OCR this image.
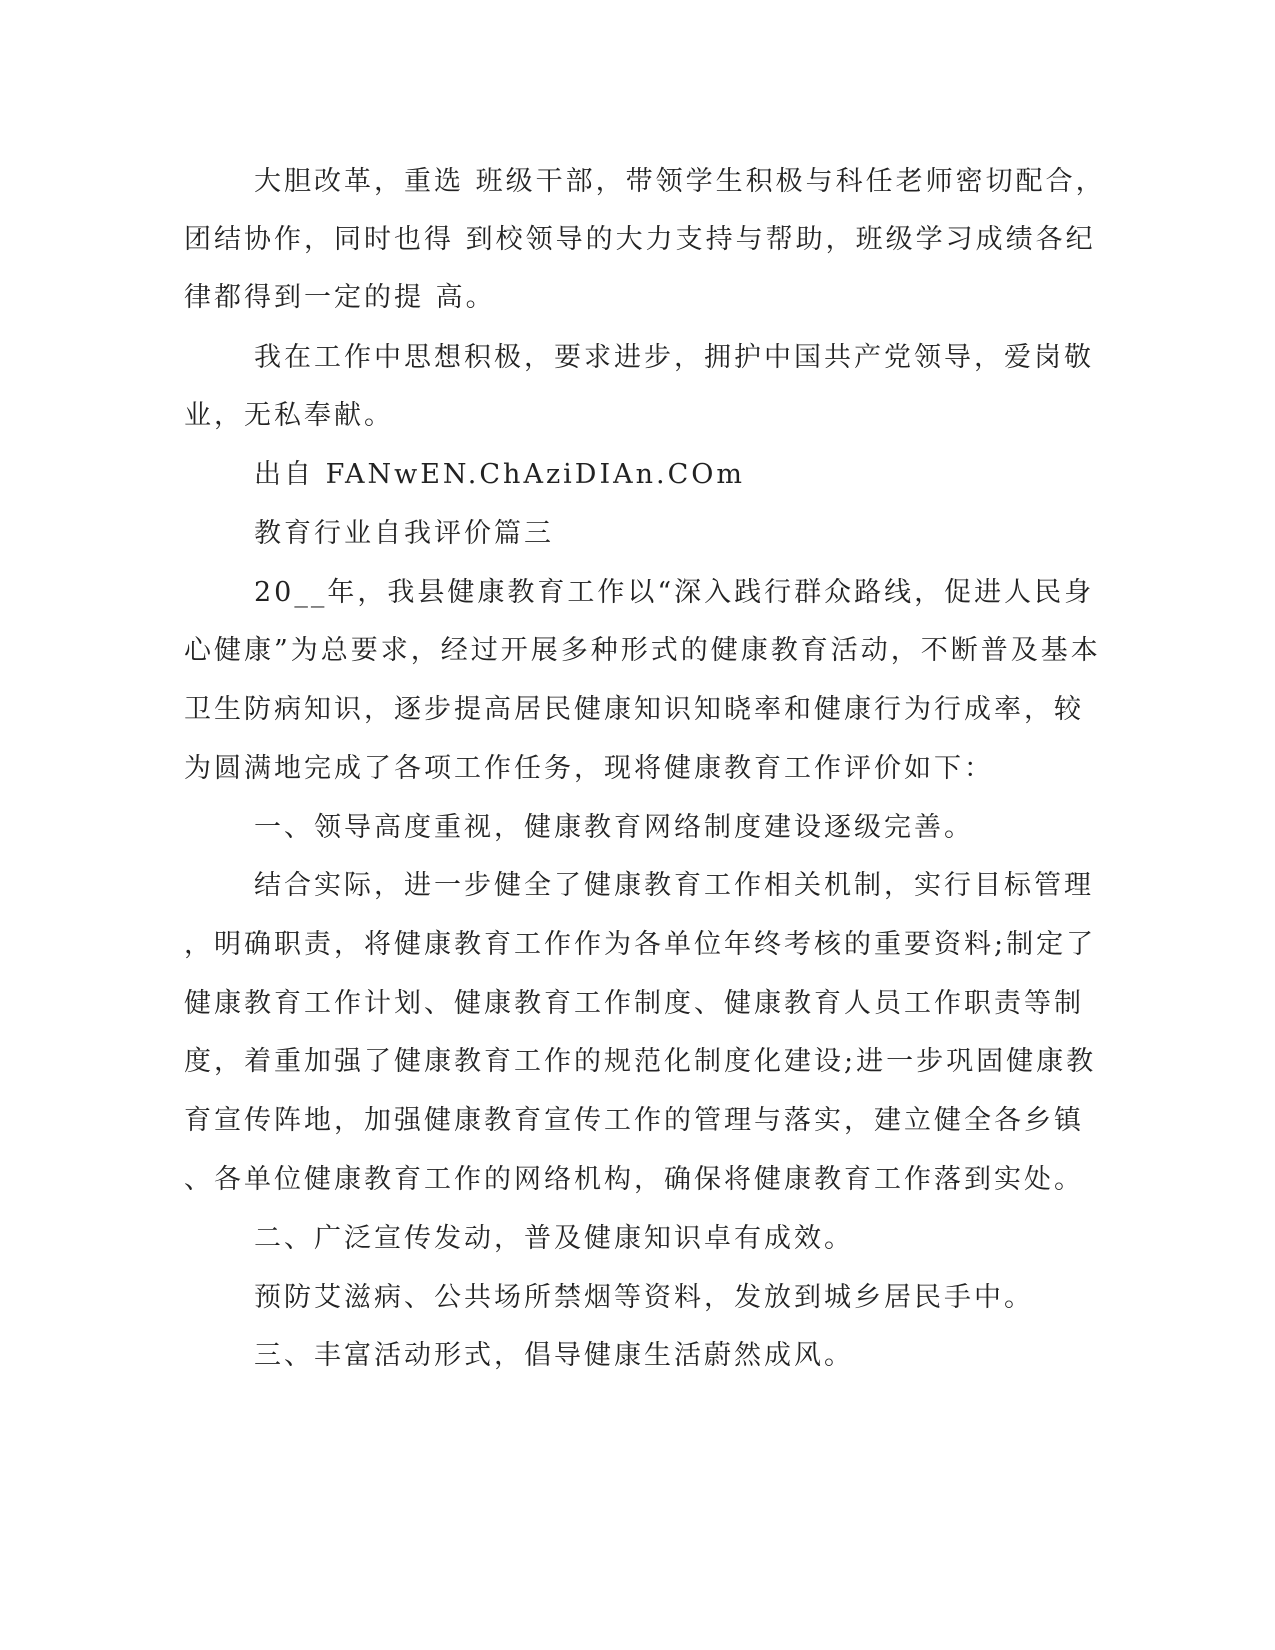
大胆改革，重选 班级干部，带领学生积极与科任老师密切配合，

团结协作，同时也得 到校领导的大力支持与帮助，班级学习成绩各纪

律都得到一定的提 高。

我在工作中思想积极，要求进步，拥护中国共产党领导，爱岗敬

业，无私奉献。

出自 FANwEN.ChAziDIAn.COm

教育行业自我评价篇三

20__年，我县健康教育工作以“深入践行群众路线，促进人民身

心健康”为总要求，经过开展多种形式的健康教育活动，不断普及基本

卫生防病知识，逐步提高居民健康知识知晓率和健康行为行成率，较

为圆满地完成了各项工作任务，现将健康教育工作评价如下：

一、领导高度重视，健康教育网络制度建设逐级完善。

结合实际，进一步健全了健康教育工作相关机制，实行目标管理

，明确职责，将健康教育工作作为各单位年终考核的重要资料;制定了

健康教育工作计划、健康教育工作制度、健康教育人员工作职责等制

度，着重加强了健康教育工作的规范化制度化建设;进一步巩固健康教

育宣传阵地，加强健康教育宣传工作的管理与落实，建立健全各乡镇

、各单位健康教育工作的网络机构，确保将健康教育工作落到实处。

二、广泛宣传发动，普及健康知识卓有成效。

预防艾滋病、公共场所禁烟等资料，发放到城乡居民手中。

三、丰富活动形式，倡导健康生活蔚然成风。
